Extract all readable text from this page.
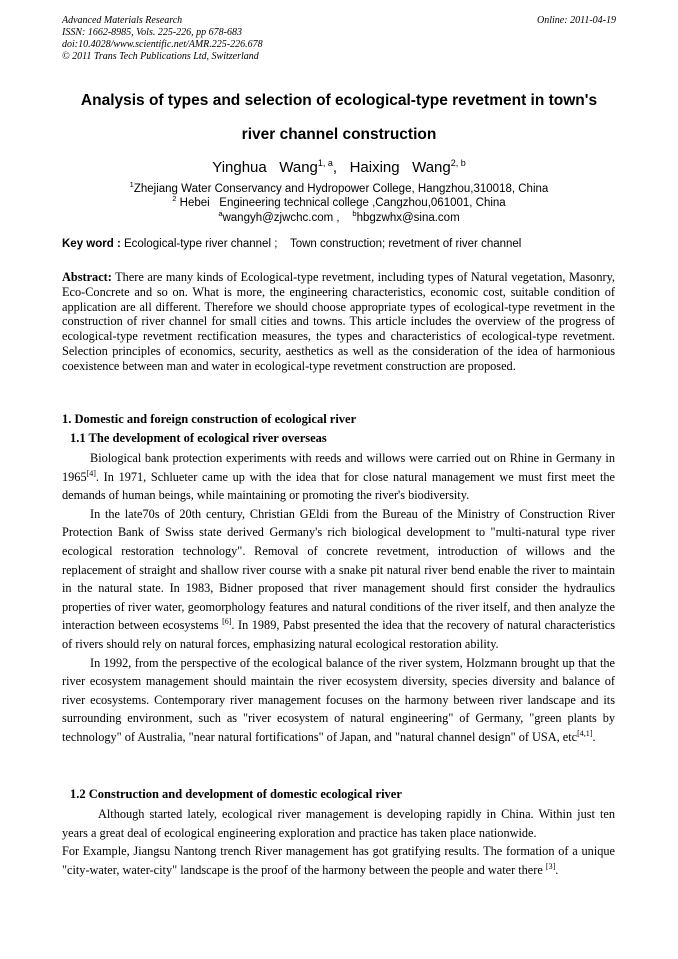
Advanced Materials Research
ISSN: 1662-8985, Vols. 225-226, pp 678-683
doi:10.4028/www.scientific.net/AMR.225-226.678
© 2011 Trans Tech Publications Ltd, Switzerland
Online: 2011-04-19
Analysis of types and selection of ecological-type revetment in town's
river channel construction
Yinghua   Wang$^{1, a}$,   Haixing   Wang$^{2, b}$
$^1$Zhejiang Water Conservancy and Hydropower College, Hangzhou,310018, China
$^2$ Hebei   Engineering technical college ,Cangzhou,061001, China
$^a$wangyh@zjwchc.com , $^b$hbgzwhx@sina.com
Key word : Ecological-type river channel ;    Town construction; revetment of river channel
Abstract: There are many kinds of Ecological-type revetment, including types of Natural vegetation, Masonry, Eco-Concrete and so on. What is more, the engineering characteristics, economic cost, suitable condition of application are all different. Therefore we should choose appropriate types of ecological-type revetment in the construction of river channel for small cities and towns. This article includes the overview of the progress of ecological-type revetment rectification measures, the types and characteristics of ecological-type revetment. Selection principles of economics, security, aesthetics as well as the consideration of the idea of harmonious coexistence between man and water in ecological-type revetment construction are proposed.
1. Domestic and foreign construction of ecological river
1.1 The development of ecological river overseas

Biological bank protection experiments with reeds and willows were carried out on Rhine in Germany in 1965[4]. In 1971, Schlueter came up with the idea that for close natural management we must first meet the demands of human beings, while maintaining or promoting the river's biodiversity.

In the late70s of 20th century, Christian GEldi from the Bureau of the Ministry of Construction River Protection Bank of Swiss state derived Germany's rich biological development to "multi-natural type river ecological restoration technology". Removal of concrete revetment, introduction of willows and the replacement of straight and shallow river course with a snake pit natural river bend enable the river to maintain in the natural state. In 1983, Bidner proposed that river management should first consider the hydraulics properties of river water, geomorphology features and natural conditions of the river itself, and then analyze the interaction between ecosystems [6]. In 1989, Pabst presented the idea that the recovery of natural characteristics of rivers should rely on natural forces, emphasizing natural ecological restoration ability.

In 1992, from the perspective of the ecological balance of the river system, Holzmann brought up that the river ecosystem management should maintain the river ecosystem diversity, species diversity and balance of river ecosystems. Contemporary river management focuses on the harmony between river landscape and its surrounding environment, such as "river ecosystem of natural engineering" of Germany, "green plants by technology" of Australia, "near natural fortifications" of Japan, and "natural channel design" of USA, etc[4,1].

1.2 Construction and development of domestic ecological river

Although started lately, ecological river management is developing rapidly in China. Within just ten years a great deal of ecological engineering exploration and practice has taken place nationwide.

For Example, Jiangsu Nantong trench River management has got gratifying results. The formation of a unique "city-water, water-city" landscape is the proof of the harmony between the people and water there [3].
